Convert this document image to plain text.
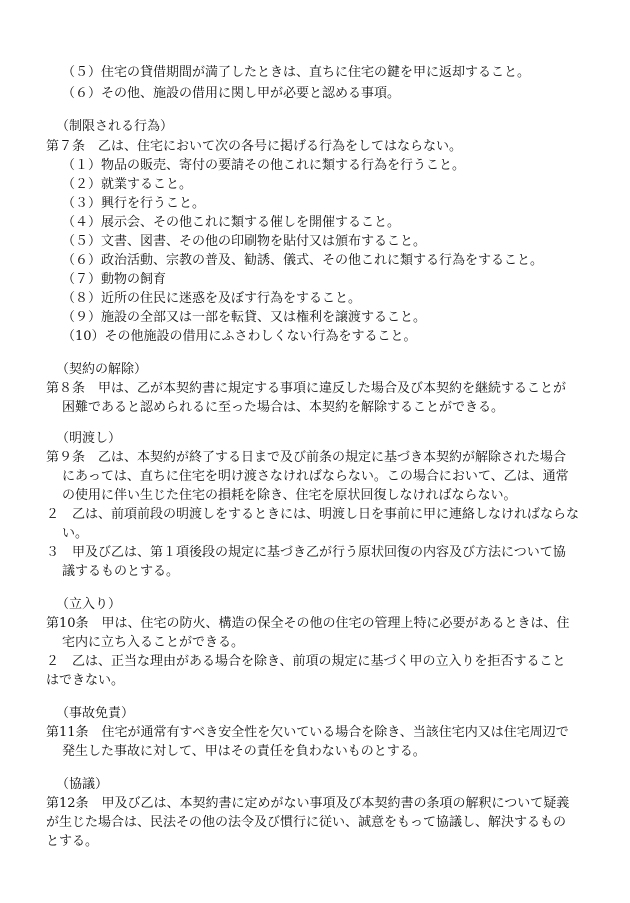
（５）住宅の貸借期間が満了したときは、直ちに住宅の鍵を甲に返却すること。
（６）その他、施設の借用に関し甲が必要と認める事項。
（制限される行為）
第７条　乙は、住宅において次の各号に掲げる行為をしてはならない。
（１）物品の販売、寄付の要請その他これに類する行為を行うこと。
（２）就業すること。
（３）興行を行うこと。
（４）展示会、その他これに類する催しを開催すること。
（５）文書、図書、その他の印刷物を貼付又は頒布すること。
（６）政治活動、宗教の普及、勧誘、儀式、その他これに類する行為をすること。
（７）動物の飼育
（８）近所の住民に迷惑を及ぼす行為をすること。
（９）施設の全部又は一部を転貸、又は権利を譲渡すること。
（10）その他施設の借用にふさわしくない行為をすること。
（契約の解除）
第８条　甲は、乙が本契約書に規定する事項に違反した場合及び本契約を継続することが
困難であると認められるに至った場合は、本契約を解除することができる。
（明渡し）
第９条　乙は、本契約が終了する日まで及び前条の規定に基づき本契約が解除された場合
にあっては、直ちに住宅を明け渡さなければならない。この場合において、乙は、通常
の使用に伴い生じた住宅の損耗を除き、住宅を原状回復しなければならない。
２　乙は、前項前段の明渡しをするときには、明渡し日を事前に甲に連絡しなければならな
い。
３　甲及び乙は、第１項後段の規定に基づき乙が行う原状回復の内容及び方法について協
議するものとする。
（立入り）
第10条　甲は、住宅の防火、構造の保全その他の住宅の管理上特に必要があるときは、住
宅内に立ち入ることができる。
２　乙は、正当な理由がある場合を除き、前項の規定に基づく甲の立入りを拒否すること
はできない。
（事故免責）
第11条　住宅が通常有すべき安全性を欠いている場合を除き、当該住宅内又は住宅周辺で
発生した事故に対して、甲はその責任を負わないものとする。
（協議）
第12条　甲及び乙は、本契約書に定めがない事項及び本契約書の条項の解釈について疑義
が生じた場合は、民法その他の法令及び慣行に従い、誠意をもって協議し、解決するもの
とする。
